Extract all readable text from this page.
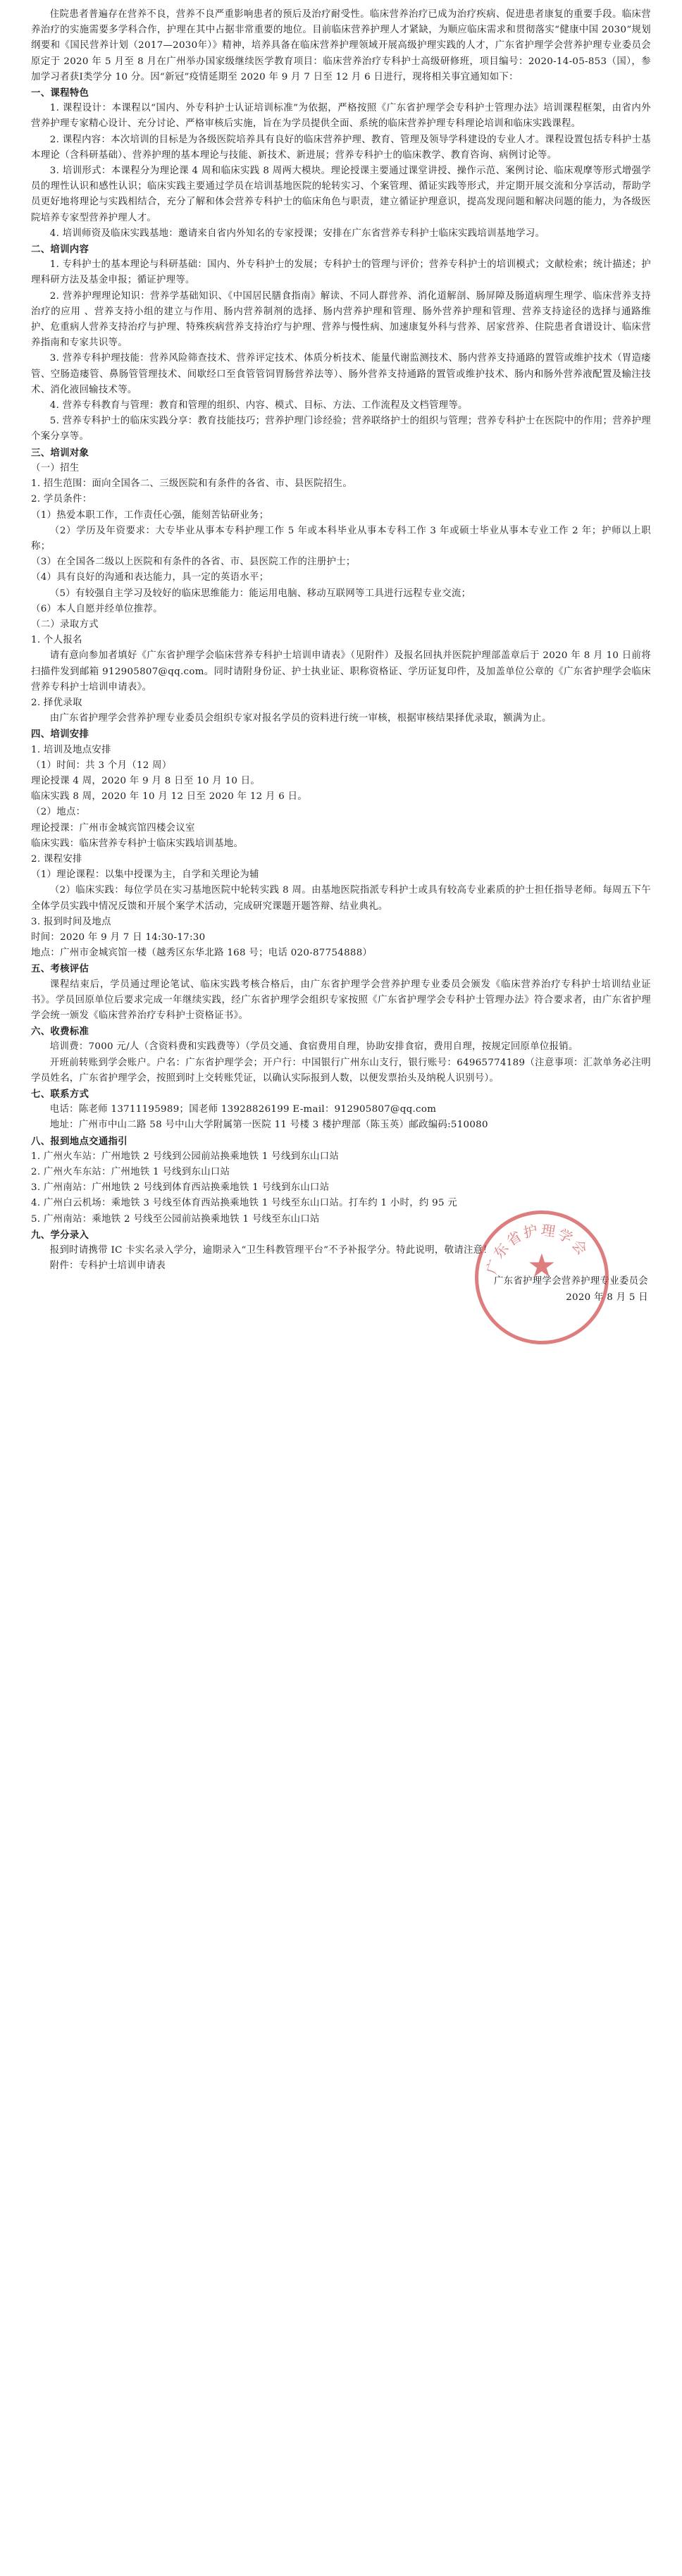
住院患者普遍存在营养不良，营养不良严重影响患者的预后及治疗耐受性。临床营养治疗已成为治疗疾病、促进患者康复的重要手段。临床营养治疗的实施需要多学科合作，护理在其中占据非常重要的地位。目前临床营养护理人才紧缺，为顺应临床需求和贯彻落实“健康中国 2030”规划纲要和《国民营养计划（2017—2030年）》精神，培养具备在临床营养护理领域开展高级护理实践的人才，广东省护理学会营养护理专业委员会原定于 2020 年 5 月至 8 月在广州举办国家级继续医学教育项目：临床营养治疗专科护士高级研修班，项目编号：2020-14-05-853（国），参加学习者获Ⅰ类学分 10 分。因“新冠”疫情延期至 2020 年 9 月 7 日至 12 月 6 日进行，现将相关事宜通知如下：

一、课程特色

1. 课程设计：本课程以“国内、外专科护士认证培训标准”为依据，严格按照《广东省护理学会专科护士管理办法》培训课程框架，由省内外营养护理专家精心设计、充分讨论、严格审核后实施，旨在为学员提供全面、系统的临床营养护理专科理论培训和临床实践课程。

2. 课程内容：本次培训的目标是为各级医院培养具有良好的临床营养护理、教育、管理及领导学科建设的专业人才。课程设置包括专科护士基本理论（含科研基础）、营养护理的基本理论与技能、新技术、新进展；营养专科护士的临床教学、教育咨询、病例讨论等。

3. 培训形式：本课程分为理论课 4 周和临床实践 8 周两大模块。理论授课主要通过课堂讲授、操作示范、案例讨论、临床观摩等形式增强学员的理性认识和感性认识；临床实践主要通过学员在培训基地医院的轮转实习、个案管理、循证实践等形式，并定期开展交流和分享活动，帮助学员更好地将理论与实践相结合，充分了解和体会营养专科护士的临床角色与职责，建立循证护理意识，提高发现问题和解决问题的能力，为各级医院培养专家型营养护理人才。

4. 培训师资及临床实践基地：邀请来自省内外知名的专家授课；安排在广东省营养专科护士临床实践培训基地学习。

二、培训内容

1. 专科护士的基本理论与科研基础：国内、外专科护士的发展；专科护士的管理与评价；营养专科护士的培训模式；文献检索；统计描述；护理科研方法及基金申报；循证护理等。

2. 营养护理理论知识：营养学基础知识、《中国居民膳食指南》解读、不同人群营养、消化道解剖、肠屏障及肠道病理生理学、临床营养支持治疗的应用 、营养支持小组的建立与作用、肠内营养制剂的选择、肠内营养护理和管理、肠外营养护理和管理、营养支持途径的选择与通路维护、危重病人营养支持治疗与护理、特殊疾病营养支持治疗与护理、营养与慢性病、加速康复外科与营养、居家营养、住院患者食谱设计、临床营养指南和专家共识等。

3. 营养专科护理技能：营养风险筛查技术、营养评定技术、体质分析技术、能量代谢监测技术、肠内营养支持通路的置管或维护技术（胃造瘘管、空肠造瘘管、鼻肠管管理技术、间歇经口至食管管饲胃肠营养法等）、肠外营养支持通路的置管或维护技术、肠内和肠外营养液配置及输注技术、消化液回输技术等。

4. 营养专科教育与管理：教育和管理的组织、内容、模式、目标、方法、工作流程及文档管理等。

5. 营养专科护士的临床实践分享：教育技能技巧；营养护理门诊经验；营养联络护士的组织与管理；营养专科护士在医院中的作用；营养护理个案分享等。

三、培训对象

（一）招生

1. 招生范围：面向全国各二、三级医院和有条件的各省、市、县医院招生。

2. 学员条件：

（1）热爱本职工作，工作责任心强，能刻苦钻研业务；

（2）学历及年资要求：大专毕业从事本专科护理工作 5 年或本科毕业从事本专科工作 3 年或硕士毕业从事本专业工作 2 年；护师以上职称；

（3）在全国各二级以上医院和有条件的各省、市、县医院工作的注册护士；

（4）具有良好的沟通和表达能力，具一定的英语水平；

（5）有较强自主学习及较好的临床思维能力：能运用电脑、移动互联网等工具进行远程专业交流；

（6）本人自愿并经单位推荐。

（二）录取方式

1. 个人报名

请有意向参加者填好《广东省护理学会临床营养专科护士培训申请表》（见附件）及报名回执并医院护理部盖章后于 2020 年 8 月 10 日前将扫描件发到邮箱 912905807@qq.com。同时请附身份证、护士执业证、职称资格证、学历证复印件，及加盖单位公章的《广东省护理学会临床营养专科护士培训申请表》。

2. 择优录取

由广东省护理学会营养护理专业委员会组织专家对报名学员的资料进行统一审核，根据审核结果择优录取，额满为止。

四、培训安排

1. 培训及地点安排

（1）时间：共 3 个月（12 周）

理论授课 4 周，2020 年 9 月 8 日至 10 月 10 日。

临床实践 8 周，2020 年 10 月 12 日至 2020 年 12 月 6 日。

（2）地点：

理论授课：广州市金城宾馆四楼会议室

临床实践：临床营养专科护士临床实践培训基地。

2. 课程安排

（1）理论课程：以集中授课为主，自学和关理论为辅

（2）临床实践：每位学员在实习基地医院中轮转实践 8 周。由基地医院指派专科护士或具有较高专业素质的护士担任指导老师。每周五下午全体学员实践中情况反馈和开展个案学术活动，完成研究课题开题答辩、结业典礼。

3. 报到时间及地点

时间：2020 年 9 月 7 日 14:30-17:30

地点：广州市金城宾馆一楼（越秀区东华北路 168 号；电话 020-87754888）

五、考核评估

课程结束后，学员通过理论笔试、临床实践考核合格后，由广东省护理学会营养护理专业委员会颁发《临床营养治疗专科护士培训结业证书》。学员回原单位后要求完成一年继续实践，经广东省护理学会组织专家按照《广东省护理学会专科护士管理办法》符合要求者，由广东省护理学会统一颁发《临床营养治疗专科护士资格证书》。

六、收费标准

培训费：7000 元/人（含资料费和实践费等）（学员交通、食宿费用自理，协助安排食宿，费用自理，按规定回原单位报销。

开班前转账到学会账户。户名：广东省护理学会；开户行：中国银行广州东山支行，银行账号：64965774189（注意事项：汇款单务必注明学员姓名，广东省护理学会，按照到时上交转账凭证，以确认实际报到人数，以便发票抬头及纳税人识别号）。

七、联系方式

电话：陈老师 13711195989；国老师 13928826199 E-mail：912905807@qq.com

地址：广州市中山二路 58 号中山大学附属第一医院 11 号楼 3 楼护理部（陈玉英）邮政编码:510080

八、报到地点交通指引

1. 广州火车站：广州地铁 2 号线到公园前站换乘地铁 1 号线到东山口站

2. 广州火车东站：广州地铁 1 号线到东山口站

3. 广州南站：广州地铁 2 号线到体育西站换乘地铁 1 号线到东山口站

4. 广州白云机场：乘地铁 3 号线至体育西站换乘地铁 1 号线至东山口站。打车约 1 小时，约 95 元

5. 广州南站：乘地铁 2 号线至公园前站换乘地铁 1 号线至东山口站

九、学分录入

报到时请携带 IC 卡实名录入学分，逾期录入“卫生科教管理平台”不予补报学分。特此说明，敬请注意！

附件：专科护士培训申请表

广东省护理学会营养护理专业委员会

2020 年 8 月 5 日

广东省护理学会
★
